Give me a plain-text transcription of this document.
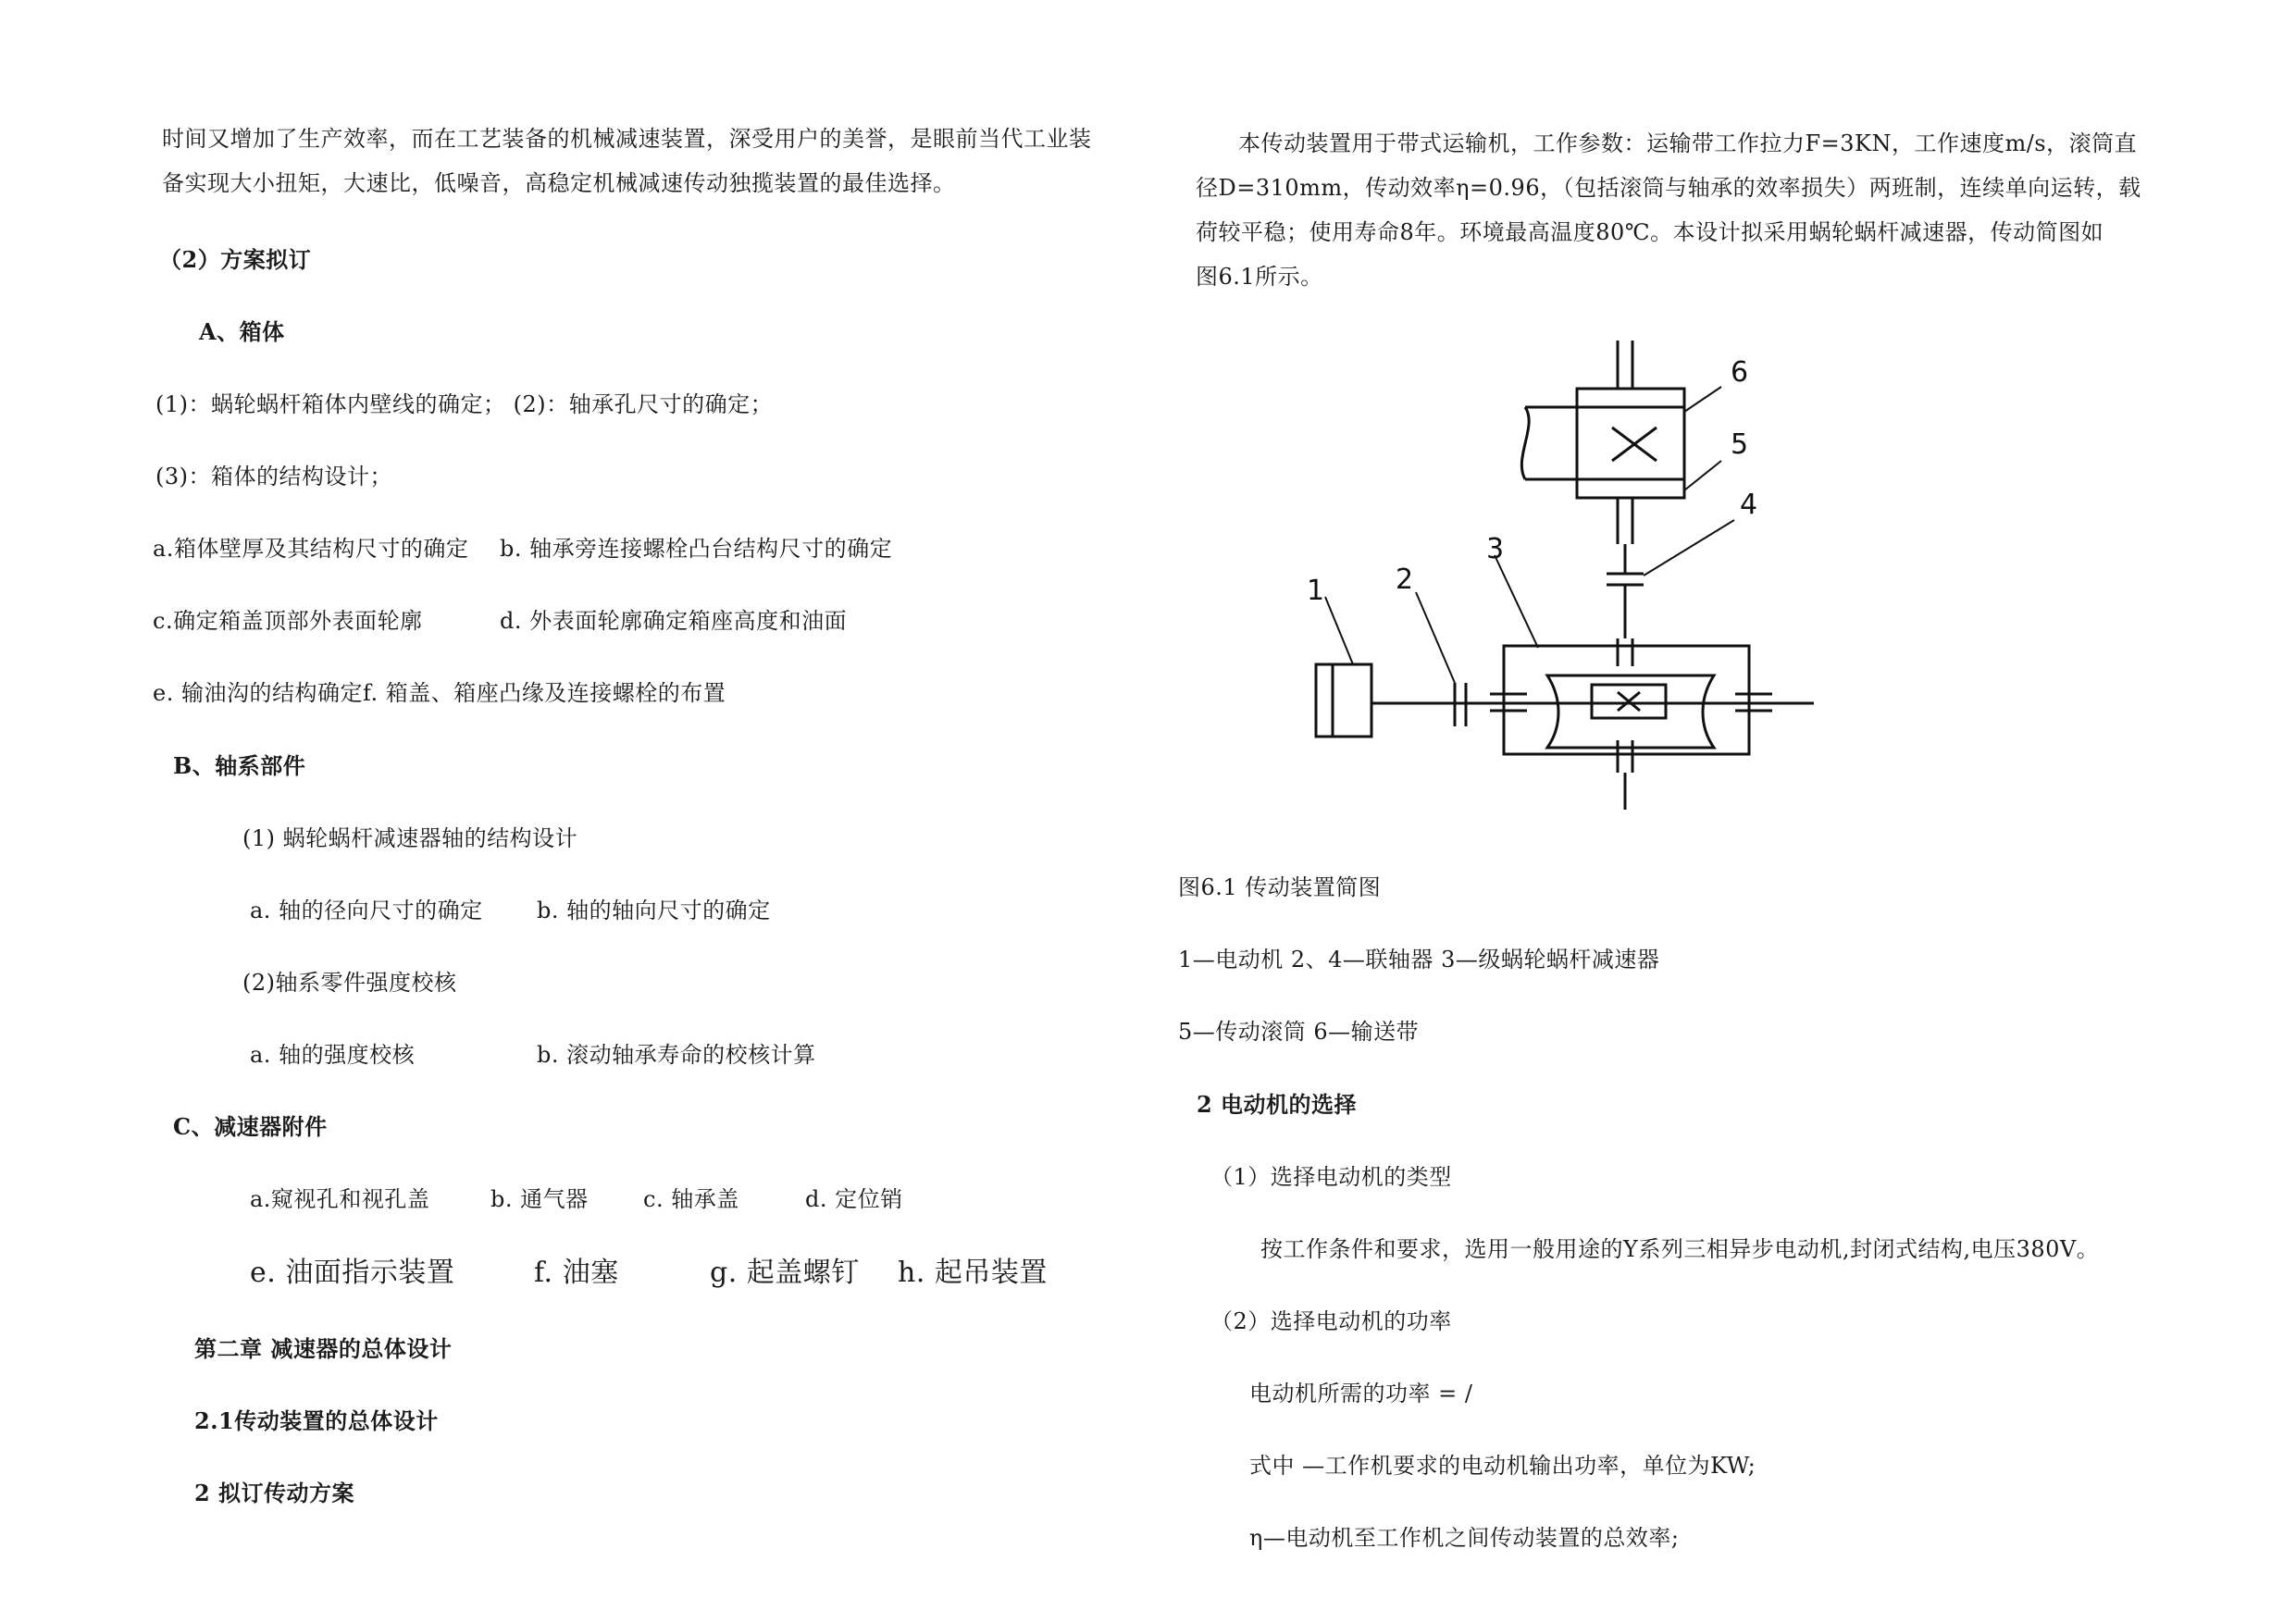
时间又增加了生产效率，而在工艺装备的机械减速装置，深受用户的美誉，是眼前当代工业装
备实现大小扭矩，大速比，低噪音，高稳定机械减速传动独揽装置的最佳选择。
（2）方案拟订
A、箱体
(1)：蜗轮蜗杆箱体内壁线的确定； (2)：轴承孔尺寸的确定；
(3)：箱体的结构设计；
a.箱体壁厚及其结构尺寸的确定 b. 轴承旁连接螺栓凸台结构尺寸的确定
c.确定箱盖顶部外表面轮廓	d. 外表面轮廓确定箱座高度和油面
e. 输油沟的结构确定f. 箱盖、箱座凸缘及连接螺栓的布置
B、轴系部件
(1) 蜗轮蜗杆减速器轴的结构设计
a. 轴的径向尺寸的确定 b. 轴的轴向尺寸的确定
(2)轴系零件强度校核
a. 轴的强度校核	b. 滚动轴承寿命的校核计算
C、减速器附件
a.窥视孔和视孔盖	b. 通气器 c. 轴承盖	d. 定位销
e. 油面指示装置	f. 油塞	g. 起盖螺钉 h. 起吊装置
第二章 减速器的总体设计
2.1传动装置的总体设计
2 拟订传动方案
本传动装置用于带式运输机，工作参数：运输带工作拉力F=3KN，工作速度m/s，滚筒直
径D=310mm，传动效率η=0.96，（包括滚筒与轴承的效率损失）两班制，连续单向运转，载
荷较平稳；使用寿命8年。环境最高温度80℃。本设计拟采用蜗轮蜗杆减速器，传动简图如
图6.1所示。
6
5
4
3
2
1
图6.1 传动装置简图
1—电动机 2、4—联轴器 3—级蜗轮蜗杆减速器
5—传动滚筒 6—输送带
2 电动机的选择
（1）选择电动机的类型
按工作条件和要求，选用一般用途的Y系列三相异步电动机,封闭式结构,电压380V。
（2）选择电动机的功率
电动机所需的功率 = /
式中 —工作机要求的电动机输出功率，单位为KW;
η—电动机至工作机之间传动装置的总效率;
